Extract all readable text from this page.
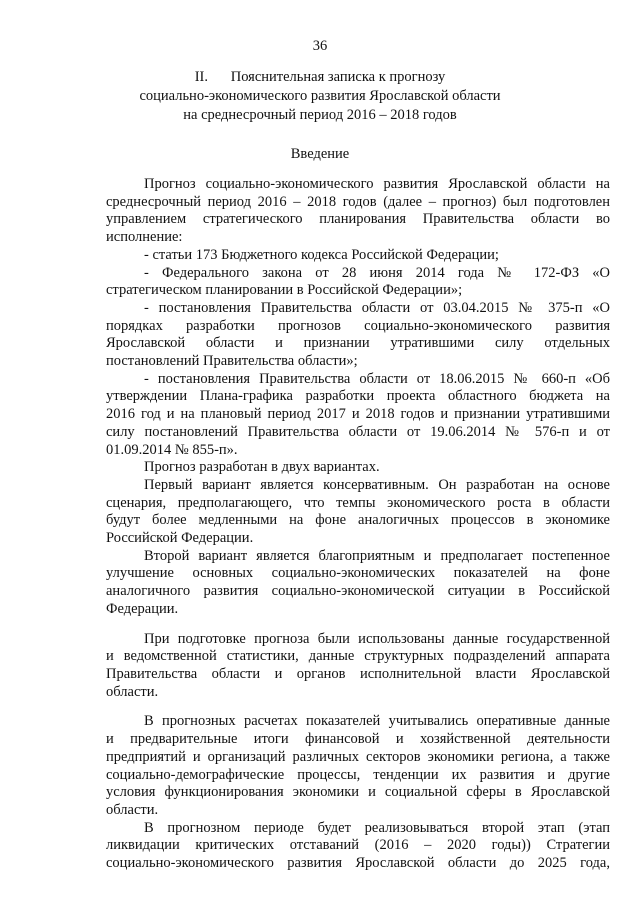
36
II. Пояснительная записка к прогнозу
социально-экономического развития Ярославской области
на среднесрочный период 2016 – 2018 годов
Введение

Прогноз социально-экономического развития Ярославской области на

среднесрочный период 2016 – 2018 годов (далее – прогноз) был подготовлен

управлением стратегического планирования Правительства области во

исполнение:

- статьи 173 Бюджетного кодекса Российской Федерации;

- Федерального закона от 28 июня 2014 года № 172-ФЗ «О

стратегическом планировании в Российской Федерации»;

- постановления Правительства области от 03.04.2015 № 375-п «О

порядках разработки прогнозов социально-экономического развития

Ярославской области и признании утратившими силу отдельных

постановлений Правительства области»;

- постановления Правительства области от 18.06.2015 № 660-п «Об

утверждении Плана-графика разработки проекта областного бюджета на

2016 год и на плановый период 2017 и 2018 годов и признании утратившими

силу постановлений Правительства области от 19.06.2014 № 576-п и от

01.09.2014 № 855-п».

Прогноз разработан в двух вариантах.

Первый вариант является консервативным. Он разработан на основе

сценария, предполагающего, что темпы экономического роста в области

будут более медленными на фоне аналогичных процессов в экономике

Российской Федерации.

Второй вариант является благоприятным и предполагает постепенное

улучшение основных социально-экономических показателей на фоне

аналогичного развития социально-экономической ситуации в Российской

Федерации.

При подготовке прогноза были использованы данные государственной

и ведомственной статистики, данные структурных подразделений аппарата

Правительства области и органов исполнительной власти Ярославской

области.

В прогнозных расчетах показателей учитывались оперативные данные

и предварительные итоги финансовой и хозяйственной деятельности

предприятий и организаций различных секторов экономики региона, а также

социально-демографические процессы, тенденции их развития и другие

условия функционирования экономики и социальной сферы в Ярославской

области.

В прогнозном периоде будет реализовываться второй этап (этап

ликвидации критических отставаний (2016 – 2020 годы)) Стратегии

социально-экономического развития Ярославской области до 2025 года,
